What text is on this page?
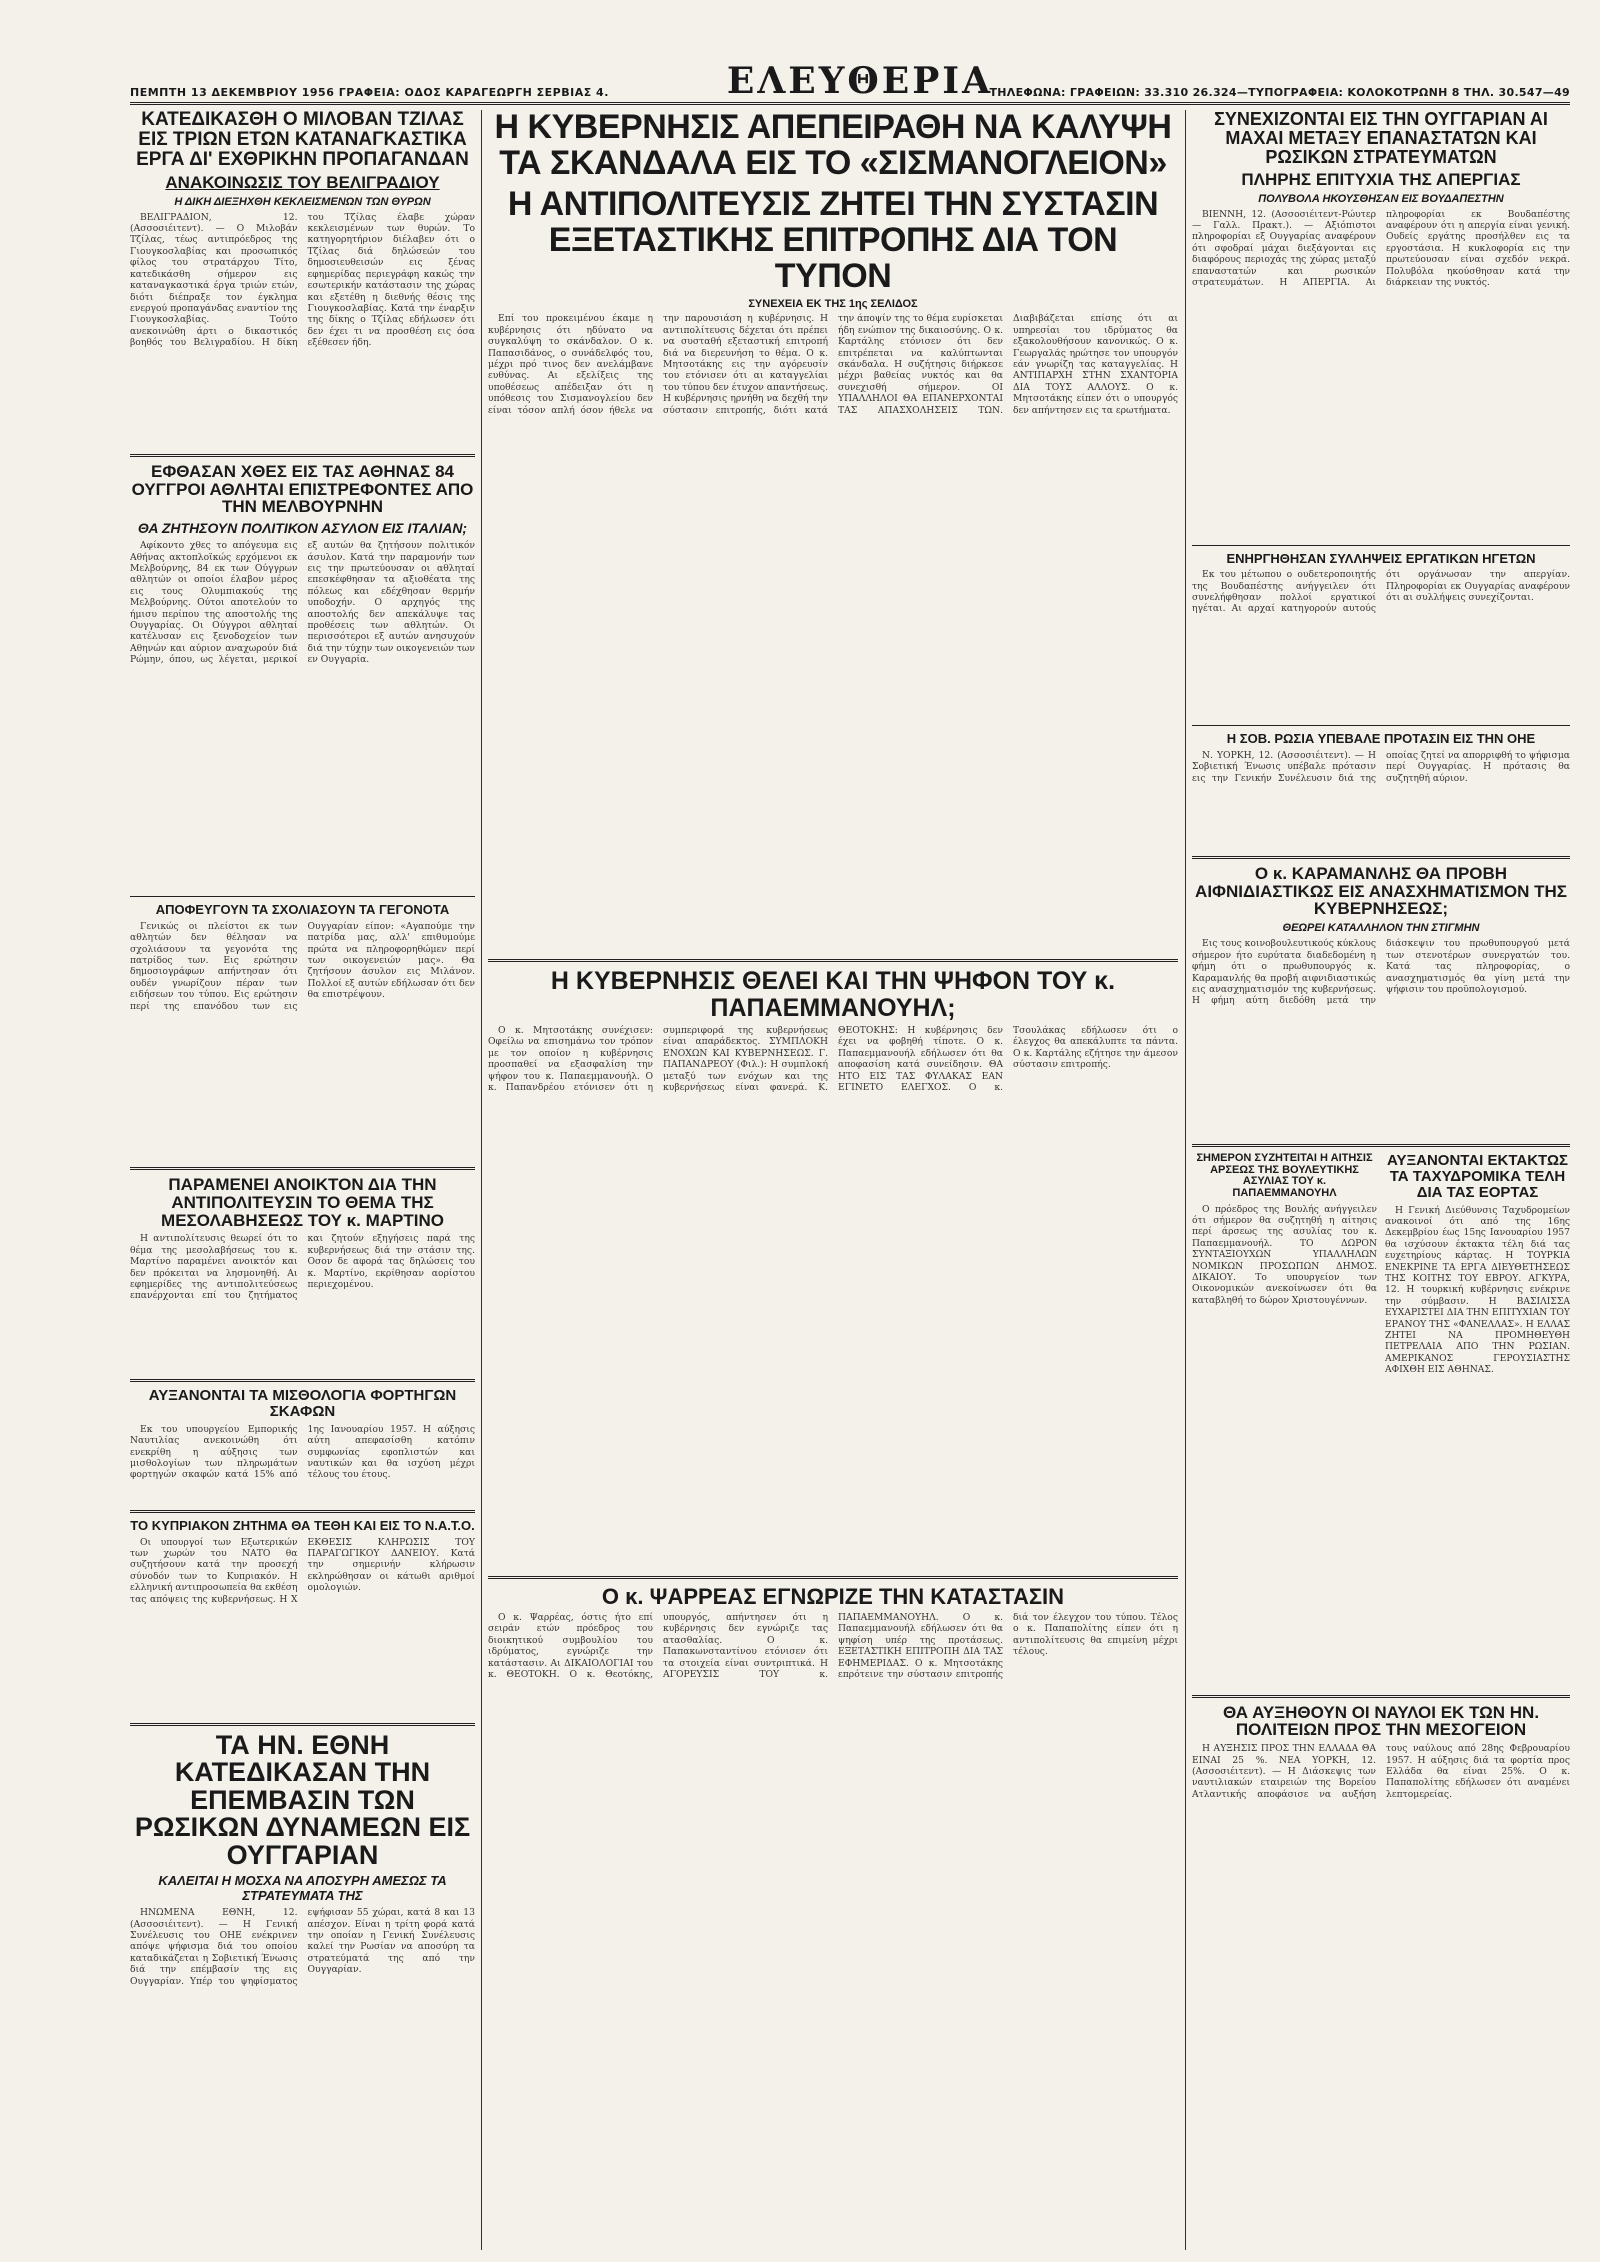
ΠΕΜΠΤΗ 13 ΔΕΚΕΜΒΡΙΟΥ 1956 ΓΡΑΦΕΙΑ: ΟΔΟΣ ΚΑΡΑΓΕΩΡΓΗ ΣΕΡΒΙΑΣ 4.	ΕΛΕΥΘΕΡΙΑ
ΤΗΛΕΦΩΝΑ: ΓΡΑΦΕΙΩΝ: 33.310 26.324—ΤΥΠΟΓΡΑΦΕΙΑ: ΚΟΛΟΚΟΤΡΩΝΗ 8 ΤΗΛ. 30.547—49
ΚΑΤΕΔΙΚΑΣΘΗ Ο ΜΙΛΟΒΑΝ ΤΖΙΛΑΣ ΕΙΣ ΤΡΙΩΝ ΕΤΩΝ ΚΑΤΑΝΑΓΚΑΣΤΙΚΑ ΕΡΓΑ ΔΙ' ΕΧΘΡΙΚΗΝ ΠΡΟΠΑΓΑΝΔΑΝ
ΑΝΑΚΟΙΝΩΣΙΣ ΤΟΥ ΒΕΛΙΓΡΑΔΙΟΥ
Η ΔΙΚΗ ΔΙΕΞΗΧΘΗ ΚΕΚΛΕΙΣΜΕΝΩΝ ΤΩΝ ΘΥΡΩΝ

ΒΕΛΙΓΡΑΔΙΟΝ, 12. (Ασσοσιέιτεντ). — Ο Μιλοβάν Τζίλας, τέως αντιπρόεδρος της Γιουγκοσλαβίας και προσωπικός φίλος του στρατάρχου Τίτο, κατεδικάσθη σήμερον εις καταναγκαστικά έργα τριών ετών, διότι διέπραξε τον έγκλημα ενεργού προπαγάνδας εναντίον της Γιουγκοσλαβίας. Τούτο ανεκοινώθη άρτι ο δικαστικός βοηθός του Βελιγραδίου. Η δίκη του Τζίλας έλαβε χώραν κεκλεισμένων των θυρών. Το κατηγορητήριον διέλαβεν ότι ο Τζίλας διά δηλώσεών του δημοσιευθεισών εις ξένας εφημερίδας περιεγράφη κακώς την εσωτερικήν κατάστασιν της χώρας και εξετέθη η διεθνής θέσις της Γιουγκοσλαβίας. Κατά την έναρξιν της δίκης ο Τζίλας εδήλωσεν ότι δεν έχει τι να προσθέση εις όσα εξέθεσεν ήδη.

ΕΦΘΑΣΑΝ ΧΘΕΣ ΕΙΣ ΤΑΣ ΑΘΗΝΑΣ 84 ΟΥΓΓΡΟΙ ΑΘΛΗΤΑΙ ΕΠΙΣΤΡΕΦΟΝΤΕΣ ΑΠΟ ΤΗΝ ΜΕΛΒΟΥΡΝΗΝ
ΘΑ ΖΗΤΗΣΟΥΝ ΠΟΛΙΤΙΚΟΝ ΑΣΥΛΟΝ ΕΙΣ ΙΤΑΛΙΑΝ;

Αφίκοντο χθες το απόγευμα εις Αθήνας ακτοπλοϊκώς ερχόμενοι εκ Μελβούρνης, 84 εκ των Ούγγρων αθλητών οι οποίοι έλαβον μέρος εις τους Ολυμπιακούς της Μελβούρνης. Ούτοι αποτελούν το ήμισυ περίπου της αποστολής της Ουγγαρίας. Οι Ούγγροι αθληταί κατέλυσαν εις ξενοδοχείον των Αθηνών και αύριον αναχωρούν διά Ρώμην, όπου, ως λέγεται, μερικοί εξ αυτών θα ζητήσουν πολιτικόν άσυλον. Κατά την παραμονήν των εις την πρωτεύουσαν οι αθληταί επεσκέφθησαν τα αξιοθέατα της πόλεως και εδέχθησαν θερμήν υποδοχήν. Ο αρχηγός της αποστολής δεν απεκάλυψε τας προθέσεις των αθλητών. Οι περισσότεροι εξ αυτών ανησυχούν διά την τύχην των οικογενειών των εν Ουγγαρία.

ΑΠΟΦΕΥΓΟΥΝ ΤΑ ΣΧΟΛΙΑΣΟΥΝ ΤΑ ΓΕΓΟΝΟΤΑ

Γενικώς οι πλείστοι εκ των αθλητών δεν θέλησαν να σχολιάσουν τα γεγονότα της πατρίδος των. Εις ερώτησιν δημοσιογράφων απήντησαν ότι ουδέν γνωρίζουν πέραν των ειδήσεων του τύπου. Εις ερώτησιν περί της επανόδου των εις Ουγγαρίαν είπον: «Αγαπούμε την πατρίδα μας, αλλ' επιθυμούμε πρώτα να πληροφορηθώμεν περί των οικογενειών μας». Θα ζητήσουν άσυλον εις Μιλάνον. Πολλοί εξ αυτών εδήλωσαν ότι δεν θα επιστρέψουν.

ΠΑΡΑΜΕΝΕΙ ΑΝΟΙΚΤΟΝ ΔΙΑ ΤΗΝ ΑΝΤΙΠΟΛΙΤΕΥΣΙΝ ΤΟ ΘΕΜΑ ΤΗΣ ΜΕΣΟΛΑΒΗΣΕΩΣ ΤΟΥ κ. ΜΑΡΤΙΝΟ

Η αντιπολίτευσις θεωρεί ότι το θέμα της μεσολαβήσεως του κ. Μαρτίνο παραμένει ανοικτόν και δεν πρόκειται να λησμονηθή. Αι εφημερίδες της αντιπολιτεύσεως επανέρχονται επί του ζητήματος και ζητούν εξηγήσεις παρά της κυβερνήσεως διά την στάσιν της. Οσον δε αφορά τας δηλώσεις του κ. Μαρτίνο, εκρίθησαν αορίστου περιεχομένου.

ΑΥΞΑΝΟΝΤΑΙ ΤΑ ΜΙΣΘΟΛΟΓΙΑ ΦΟΡΤΗΓΩΝ ΣΚΑΦΩΝ

Εκ του υπουργείου Εμπορικής Ναυτιλίας ανεκοινώθη ότι ενεκρίθη η αύξησις των μισθολογίων των πληρωμάτων φορτηγών σκαφών κατά 15% από 1ης Ιανουαρίου 1957. Η αύξησις αύτη απεφασίσθη κατόπιν συμφωνίας εφοπλιστών και ναυτικών και θα ισχύση μέχρι τέλους του έτους.

ΤΟ ΚΥΠΡΙΑΚΟΝ ΖΗΤΗΜΑ ΘΑ ΤΕΘΗ ΚΑΙ ΕΙΣ ΤΟ Ν.Α.Τ.Ο.

Οι υπουργοί των Εξωτερικών των χωρών του ΝΑΤΟ θα συζητήσουν κατά την προσεχή σύνοδόν των το Κυπριακόν. Η ελληνική αντιπροσωπεία θα εκθέση τας απόψεις της κυβερνήσεως. Η Χ ΕΚΘΕΣΙΣ ΚΛΗΡΩΣΙΣ ΤΟΥ ΠΑΡΑΓΩΓΙΚΟΥ ΔΑΝΕΙΟΥ. Κατά την σημερινήν κλήρωσιν εκληρώθησαν οι κάτωθι αριθμοί ομολογιών.

ΤΑ ΗΝ. ΕΘΝΗ ΚΑΤΕΔΙΚΑΣΑΝ ΤΗΝ ΕΠΕΜΒΑΣΙΝ ΤΩΝ ΡΩΣΙΚΩΝ ΔΥΝΑΜΕΩΝ ΕΙΣ ΟΥΓΓΑΡΙΑΝ
ΚΑΛΕΙΤΑΙ Η ΜΟΣΧΑ ΝΑ ΑΠΟΣΥΡΗ ΑΜΕΣΩΣ ΤΑ ΣΤΡΑΤΕΥΜΑΤΑ ΤΗΣ

ΗΝΩΜΕΝΑ ΕΘΝΗ, 12. (Ασσοσιέιτεντ). — Η Γενική Συνέλευσις του ΟΗΕ ενέκρινεν απόψε ψήφισμα διά του οποίου καταδικάζεται η Σοβιετική Ένωσις διά την επέμβασίν της εις Ουγγαρίαν. Υπέρ του ψηφίσματος εψήφισαν 55 χώραι, κατά 8 και 13 απέσχον. Είναι η τρίτη φορά κατά την οποίαν η Γενική Συνέλευσις καλεί την Ρωσίαν να αποσύρη τα στρατεύματά της από την Ουγγαρίαν.

Η ΚΥΒΕΡΝΗΣΙΣ ΑΠΕΠΕΙΡΑΘΗ ΝΑ ΚΑΛΥΨΗ ΤΑ ΣΚΑΝΔΑΛΑ ΕΙΣ ΤΟ «ΣΙΣΜΑΝΟΓΛΕΙΟΝ»
Η ΑΝΤΙΠΟΛΙΤΕΥΣΙΣ ΖΗΤΕΙ ΤΗΝ ΣΥΣΤΑΣΙΝ ΕΞΕΤΑΣΤΙΚΗΣ ΕΠΙΤΡΟΠΗΣ ΔΙΑ ΤΟΝ ΤΥΠΟΝ
ΣΥΝΕΧΕΙΑ ΕΚ ΤΗΣ 1ης ΣΕΛΙΔΟΣ

Επί του προκειμένου έκαμε η κυβέρνησις ότι ηδύνατο να συγκαλύψη το σκάνδαλον. Ο κ. Παπασιδάνος, ο συνάδελφός του, μέχρι πρό τινος δεν ανελάμβανε ευθύνας. Αι εξελίξεις της υποθέσεως απέδειξαν ότι η υπόθεσις του Σισμανογλείου δεν είναι τόσον απλή όσον ήθελε να την παρουσιάση η κυβέρνησις. Η αντιπολίτευσις δέχεται ότι πρέπει να συσταθή εξεταστική επιτροπή διά να διερευνήση το θέμα. Ο κ. Μητσοτάκης εις την αγόρευσίν του ετόνισεν ότι αι καταγγελίαι του τύπου δεν έτυχον απαντήσεως. Η κυβέρνησις ηρνήθη να δεχθή την σύστασιν επιτροπής, διότι κατά την άποψίν της το θέμα ευρίσκεται ήδη ενώπιον της δικαιοσύνης. Ο κ. Καρτάλης ετόνισεν ότι δεν επιτρέπεται να καλύπτωνται σκάνδαλα. Η συζήτησις διήρκεσε μέχρι βαθείας νυκτός και θα συνεχισθή σήμερον. ΟΙ ΥΠΑΛΛΗΛΟΙ ΘΑ ΕΠΑΝΕΡΧΟΝΤΑΙ ΤΑΣ ΑΠΑΣΧΟΛΗΣΕΙΣ ΤΩΝ. Διαβιβάζεται επίσης ότι αι υπηρεσίαι του ιδρύματος θα εξακολουθήσουν κανονικώς. Ο κ. Γεωργαλάς ηρώτησε τον υπουργόν εάν γνωρίζη τας καταγγελίας. Η ΑΝΤΙΠΑΡΧΗ ΣΤΗΝ ΣΧΑΝΤΟΡΙΑ ΔΙΑ ΤΟΥΣ ΑΛΛΟΥΣ. Ο κ. Μητσοτάκης είπεν ότι ο υπουργός δεν απήντησεν εις τα ερωτήματα.

Η ΚΥΒΕΡΝΗΣΙΣ ΘΕΛΕΙ ΚΑΙ ΤΗΝ ΨΗΦΟΝ ΤΟΥ κ. ΠΑΠΑΕΜΜΑΝΟΥΗΛ;

Ο κ. Μητσοτάκης συνέχισεν: Οφείλω να επισημάνω τον τρόπον με τον οποίον η κυβέρνησις προσπαθεί να εξασφαλίση την ψήφον του κ. Παπαεμμανουήλ. Ο κ. Παπανδρέου ετόνισεν ότι η συμπεριφορά της κυβερνήσεως είναι απαράδεκτος. ΣΥΜΠΛΟΚΗ ΕΝΟΧΩΝ ΚΑΙ ΚΥΒΕΡΝΗΣΕΩΣ. Γ. ΠΑΠΑΝΔΡΕΟΥ (Φιλ.): Η συμπλοκή μεταξύ των ενόχων και της κυβερνήσεως είναι φανερά. Κ. ΘΕΟΤΟΚΗΣ: Η κυβέρνησις δεν έχει να φοβηθή τίποτε. Ο κ. Παπαεμμανουήλ εδήλωσεν ότι θα αποφασίση κατά συνείδησιν. ΘΑ ΗΤΟ ΕΙΣ ΤΑΣ ΦΥΛΑΚΑΣ ΕΑΝ ΕΓΙΝΕΤΟ ΕΛΕΓΧΟΣ. Ο κ. Τσουλάκας εδήλωσεν ότι ο έλεγχος θα απεκάλυπτε τα πάντα. Ο κ. Καρτάλης εζήτησε την άμεσον σύστασιν επιτροπής.

Ο κ. ΨΑΡΡΕΑΣ ΕΓΝΩΡΙΖΕ ΤΗΝ ΚΑΤΑΣΤΑΣΙΝ

Ο κ. Ψαρρέας, όστις ήτο επί σειράν ετών πρόεδρος του διοικητικού συμβουλίου του ιδρύματος, εγνώριζε την κατάστασιν. Αι ΔΙΚΑΙΟΛΟΓΙΑΙ του κ. ΘΕΟΤΟΚΗ. Ο κ. Θεοτόκης, υπουργός, απήντησεν ότι η κυβέρνησις δεν εγνώριζε τας ατασθαλίας. Ο κ. Παπακωνσταντίνου ετόνισεν ότι τα στοιχεία είναι συντριπτικά. Η ΑΓΟΡΕΥΣΙΣ ΤΟΥ κ. ΠΑΠΑΕΜΜΑΝΟΥΗΛ. Ο κ. Παπαεμμανουήλ εδήλωσεν ότι θα ψηφίση υπέρ της προτάσεως. ΕΞΕΤΑΣΤΙΚΗ ΕΠΙΤΡΟΠΗ ΔΙΑ ΤΑΣ ΕΦΗΜΕΡΙΔΑΣ. Ο κ. Μητσοτάκης επρότεινε την σύστασιν επιτροπής διά τον έλεγχον του τύπου. Τέλος ο κ. Παπαπολίτης είπεν ότι η αντιπολίτευσις θα επιμείνη μέχρι τέλους.

ΣΥΝΕΧΙΖΟΝΤΑΙ ΕΙΣ ΤΗΝ ΟΥΓΓΑΡΙΑΝ ΑΙ ΜΑΧΑΙ ΜΕΤΑΞΥ ΕΠΑΝΑΣΤΑΤΩΝ ΚΑΙ ΡΩΣΙΚΩΝ ΣΤΡΑΤΕΥΜΑΤΩΝ
ΠΛΗΡΗΣ ΕΠΙΤΥΧΙΑ ΤΗΣ ΑΠΕΡΓΙΑΣ
ΠΟΛΥΒΟΛΑ ΗΚΟΥΣΘΗΣΑΝ ΕΙΣ ΒΟΥΔΑΠΕΣΤΗΝ

ΒΙΕΝΝΗ, 12. (Ασσοσιέιτεντ-Ρώυτερ — Γαλλ. Πρακτ.). — Αξιόπιστοι πληροφορίαι εξ Ουγγαρίας αναφέρουν ότι σφοδραί μάχαι διεξάγονται εις διαφόρους περιοχάς της χώρας μεταξύ επαναστατών και ρωσικών στρατευμάτων. Η ΑΠΕΡΓΙΑ. Αι πληροφορίαι εκ Βουδαπέστης αναφέρουν ότι η απεργία είναι γενική. Ουδείς εργάτης προσήλθεν εις τα εργοστάσια. Η κυκλοφορία εις την πρωτεύουσαν είναι σχεδόν νεκρά. Πολυβόλα ηκούσθησαν κατά την διάρκειαν της νυκτός.

ΕΝΗΡΓΗΘΗΣΑΝ ΣΥΛΛΗΨΕΙΣ ΕΡΓΑΤΙΚΩΝ ΗΓΕΤΩΝ

Εκ του μέτωπου ο ουδετεροποιητής της Βουδαπέστης ανήγγειλεν ότι συνελήφθησαν πολλοί εργατικοί ηγέται. Αι αρχαί κατηγορούν αυτούς ότι οργάνωσαν την απεργίαν. Πληροφορίαι εκ Ουγγαρίας αναφέρουν ότι αι συλλήψεις συνεχίζονται.

Η ΣΟΒ. ΡΩΣΙΑ ΥΠΕΒΑΛΕ ΠΡΟΤΑΣΙΝ ΕΙΣ ΤΗΝ ΟΗΕ

Ν. ΥΟΡΚΗ, 12. (Ασσοσιέιτεντ). — Η Σοβιετική Ένωσις υπέβαλε πρότασιν εις την Γενικήν Συνέλευσιν διά της οποίας ζητεί να απορριφθή το ψήφισμα περί Ουγγαρίας. Η πρότασις θα συζητηθή αύριον.

Ο κ. ΚΑΡΑΜΑΝΛΗΣ ΘΑ ΠΡΟΒΗ ΑΙΦΝΙΔΙΑΣΤΙΚΩΣ ΕΙΣ ΑΝΑΣΧΗΜΑΤΙΣΜΟΝ ΤΗΣ ΚΥΒΕΡΝΗΣΕΩΣ;
ΘΕΩΡΕΙ ΚΑΤΑΛΛΗΛΟΝ ΤΗΝ ΣΤΙΓΜΗΝ

Εις τους κοινοβουλευτικούς κύκλους σήμερον ήτο ευρύτατα διαδεδομένη η φήμη ότι ο πρωθυπουργός κ. Καραμανλής θα προβή αιφνιδιαστικώς εις ανασχηματισμόν της κυβερνήσεως. Η φήμη αύτη διεδόθη μετά την διάσκεψιν του πρωθυπουργού μετά των στενοτέρων συνεργατών του. Κατά τας πληροφορίας, ο ανασχηματισμός θα γίνη μετά την ψήφισιν του προϋπολογισμού.

ΣΗΜΕΡΟΝ ΣΥΖΗΤΕΙΤΑΙ Η ΑΙΤΗΣΙΣ ΑΡΣΕΩΣ ΤΗΣ ΒΟΥΛΕΥΤΙΚΗΣ ΑΣΥΛΙΑΣ ΤΟΥ κ. ΠΑΠΑΕΜΜΑΝΟΥΗΛ

Ο πρόεδρος της Βουλής ανήγγειλεν ότι σήμερον θα συζητηθή η αίτησις περί άρσεως της ασυλίας του κ. Παπαεμμανουήλ. ΤΟ ΔΩΡΟΝ ΣΥΝΤΑΞΙΟΥΧΩΝ ΥΠΑΛΛΗΛΩΝ ΝΟΜΙΚΩΝ ΠΡΟΣΩΠΩΝ ΔΗΜΟΣ. ΔΙΚΑΙΟΥ. Το υπουργείον των Οικονομικών ανεκοίνωσεν ότι θα καταβληθή το δώρον Χριστουγέννων.

ΑΥΞΑΝΟΝΤΑΙ ΕΚΤΑΚΤΩΣ ΤΑ ΤΑΧΥΔΡΟΜΙΚΑ ΤΕΛΗ ΔΙΑ ΤΑΣ ΕΟΡΤΑΣ

Η Γενική Διεύθυνσις Ταχυδρομείων ανακοινοί ότι από της 16ης Δεκεμβρίου έως 15ης Ιανουαρίου 1957 θα ισχύσουν έκτακτα τέλη διά τας ευχετηρίους κάρτας. Η ΤΟΥΡΚΙΑ ΕΝΕΚΡΙΝΕ ΤΑ ΕΡΓΑ ΔΙΕΥΘΕΤΗΣΕΩΣ ΤΗΣ ΚΟΙΤΗΣ ΤΟΥ ΕΒΡΟΥ. ΑΓΚΥΡΑ, 12. Η τουρκική κυβέρνησις ενέκρινε την σύμβασιν. Η ΒΑΣΙΛΙΣΣΑ ΕΥΧΑΡΙΣΤΕΙ ΔΙΑ ΤΗΝ ΕΠΙΤΥΧΙΑΝ ΤΟΥ ΕΡΑΝΟΥ ΤΗΣ «ΦΑΝΕΛΛΑΣ». Η ΕΛΛΑΣ ΖΗΤΕΙ ΝΑ ΠΡΟΜΗΘΕΥΘΗ ΠΕΤΡΕΛΑΙΑ ΑΠΟ ΤΗΝ ΡΩΣΙΑΝ. ΑΜΕΡΙΚΑΝΟΣ ΓΕΡΟΥΣΙΑΣΤΗΣ ΑΦΙΧΘΗ ΕΙΣ ΑΘΗΝΑΣ.

ΘΑ ΑΥΞΗΘΟΥΝ ΟΙ ΝΑΥΛΟΙ ΕΚ ΤΩΝ ΗΝ. ΠΟΛΙΤΕΙΩΝ ΠΡΟΣ ΤΗΝ ΜΕΣΟΓΕΙΟΝ

Η ΑΥΞΗΣΙΣ ΠΡΟΣ ΤΗΝ ΕΛΛΑΔΑ ΘΑ ΕΙΝΑΙ 25 %. ΝΕΑ ΥΟΡΚΗ, 12. (Ασσοσιέιτεντ). — Η Διάσκεψις των ναυτιλιακών εταιρειών της Βορείου Ατλαντικής αποφάσισε να αυξήση τους ναύλους από 28ης Φεβρουαρίου 1957. Η αύξησις διά τα φορτία προς Ελλάδα θα είναι 25%. Ο κ. Παπαπολίτης εδήλωσεν ότι αναμένει λεπτομερείας.
